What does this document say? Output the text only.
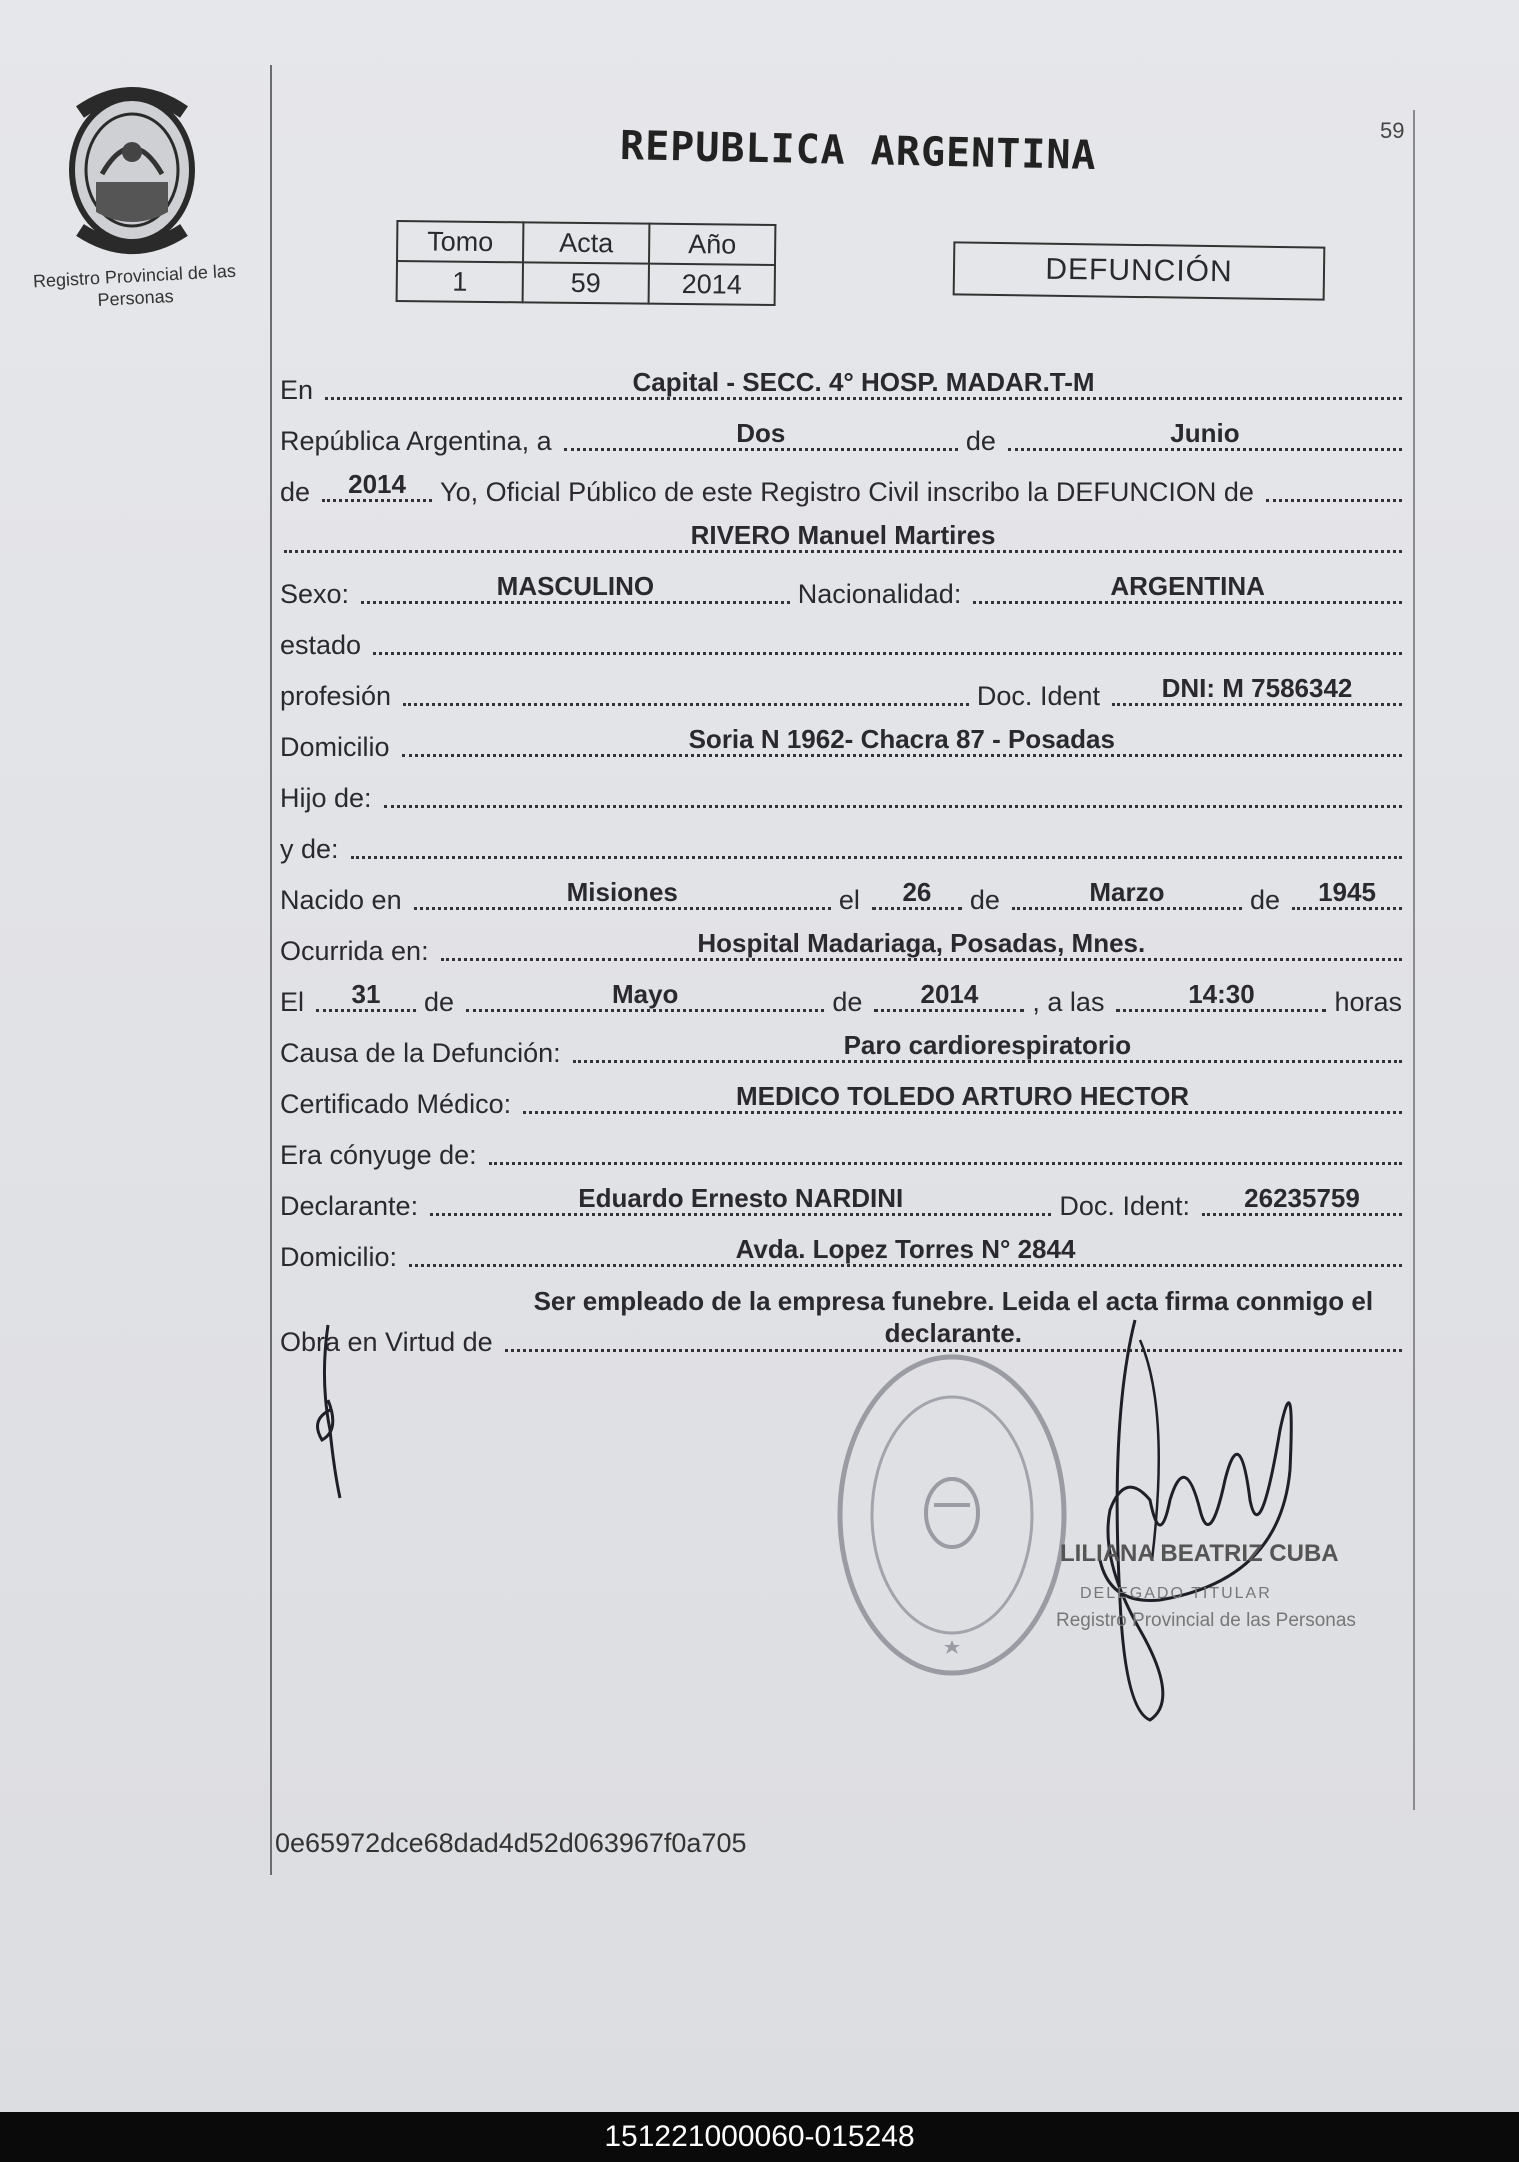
Registro Provincial de las Personas
59
REPUBLICA ARGENTINA
Tomo	Acta	Año
1	59	2014	DEFUNCIÓN
En	Capital - SECC. 4° HOSP. MADAR.T-M
República Argentina, a	Dos	de	Junio
de	2014	Yo, Oficial Público de este Registro Civil inscribo la DEFUNCION de
RIVERO Manuel Martires
Sexo:	MASCULINO	Nacionalidad:	ARGENTINA
estado
profesión	Doc. Ident	DNI: M 7586342
Domicilio	Soria N 1962- Chacra 87 - Posadas
Hijo de:
y de:
Nacido en	Misiones	el	26	de	Marzo	de	1945
Ocurrida en:	Hospital Madariaga, Posadas, Mnes.
El	31	de	Mayo	de	2014	, a las	14:30	horas
Causa de la Defunción:	Paro cardiorespiratorio
Certificado Médico:	MEDICO TOLEDO ARTURO HECTOR
Era cónyuge de:
Declarante:	Eduardo Ernesto NARDINI	Doc. Ident:	26235759
Domicilio:	Avda. Lopez Torres N° 2844
Obra en Virtud de
Ser empleado de la empresa funebre. Leida el acta firma conmigo el declarante.
LILIANA BEATRIZ CUBA
DELEGADO TITULAR
Registro Provincial de las Personas
0e65972dce68dad4d52d063967f0a705
151221000060-015248
